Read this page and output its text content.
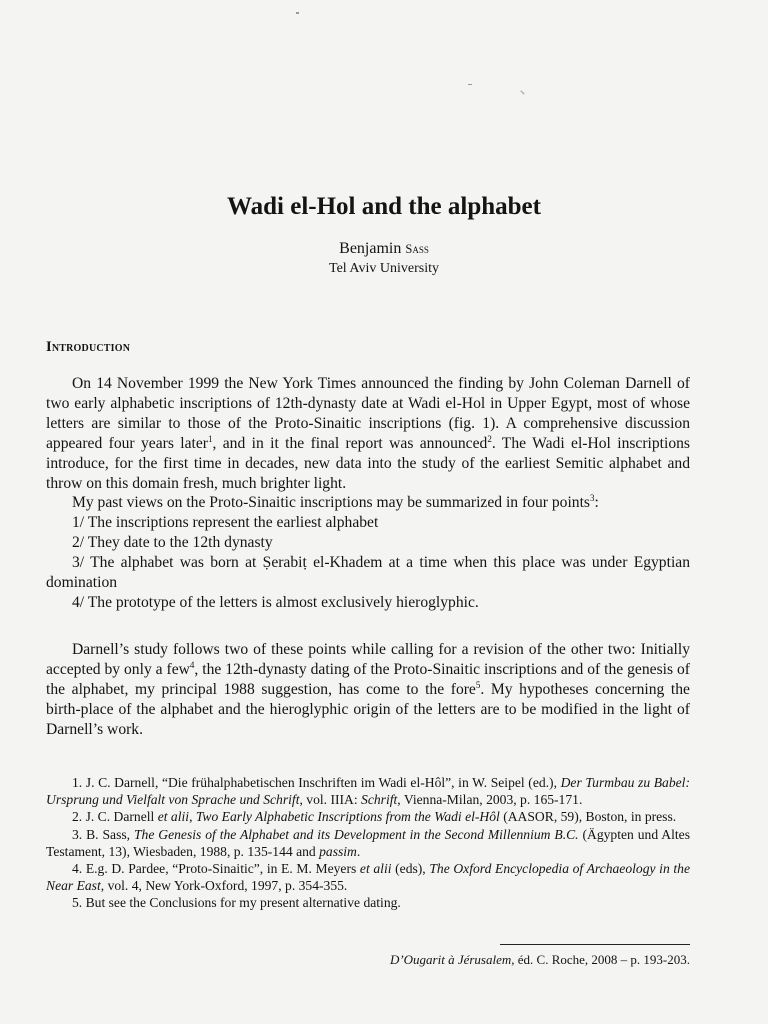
Wadi el-Hol and the alphabet
Benjamin Sass
Tel Aviv University
Introduction

On 14 November 1999 the New York Times announced the finding by John Coleman Darnell of two early alphabetic inscriptions of 12th-dynasty date at Wadi el-Hol in Upper Egypt, most of whose letters are similar to those of the Proto-Sinaitic inscriptions (fig. 1). A comprehensive discussion appeared four years later$^1$, and in it the final report was announced$^2$. The Wadi el-Hol inscriptions introduce, for the first time in decades, new data into the study of the earliest Semitic alphabet and throw on this domain fresh, much brighter light.

My past views on the Proto-Sinaitic inscriptions may be summarized in four points$^3$:

1/ The inscriptions represent the earliest alphabet

2/ They date to the 12th dynasty

3/ The alphabet was born at Ṣerabiṭ el-Khadem at a time when this place was under Egyptian domination

4/ The prototype of the letters is almost exclusively hieroglyphic.

Darnell’s study follows two of these points while calling for a revision of the other two: Initially accepted by only a few$^4$, the 12th-dynasty dating of the Proto-Sinaitic inscriptions and of the genesis of the alphabet, my principal 1988 suggestion, has come to the fore$^5$. My hypotheses concerning the birth-place of the alphabet and the hieroglyphic origin of the letters are to be modified in the light of Darnell’s work.

1. J. C. Darnell, “Die frühalphabetischen Inschriften im Wadi el-Hôl”, in W. Seipel (ed.), Der Turmbau zu Babel: Ursprung und Vielfalt von Sprache und Schrift, vol. IIIA: Schrift, Vienna-Milan, 2003, p. 165-171.

2. J. C. Darnell et alii, Two Early Alphabetic Inscriptions from the Wadi el-Hôl (AASOR, 59), Boston, in press.

3. B. Sass, The Genesis of the Alphabet and its Development in the Second Millennium B.C. (Ägypten und Altes Testament, 13), Wiesbaden, 1988, p. 135-144 and passim.

4. E.g. D. Pardee, “Proto-Sinaitic”, in E. M. Meyers et alii (eds), The Oxford Encyclopedia of Archaeology in the Near East, vol. 4, New York-Oxford, 1997, p. 354-355.

5. But see the Conclusions for my present alternative dating.

D’Ougarit à Jérusalem, éd. C. Roche, 2008 – p. 193-203.
